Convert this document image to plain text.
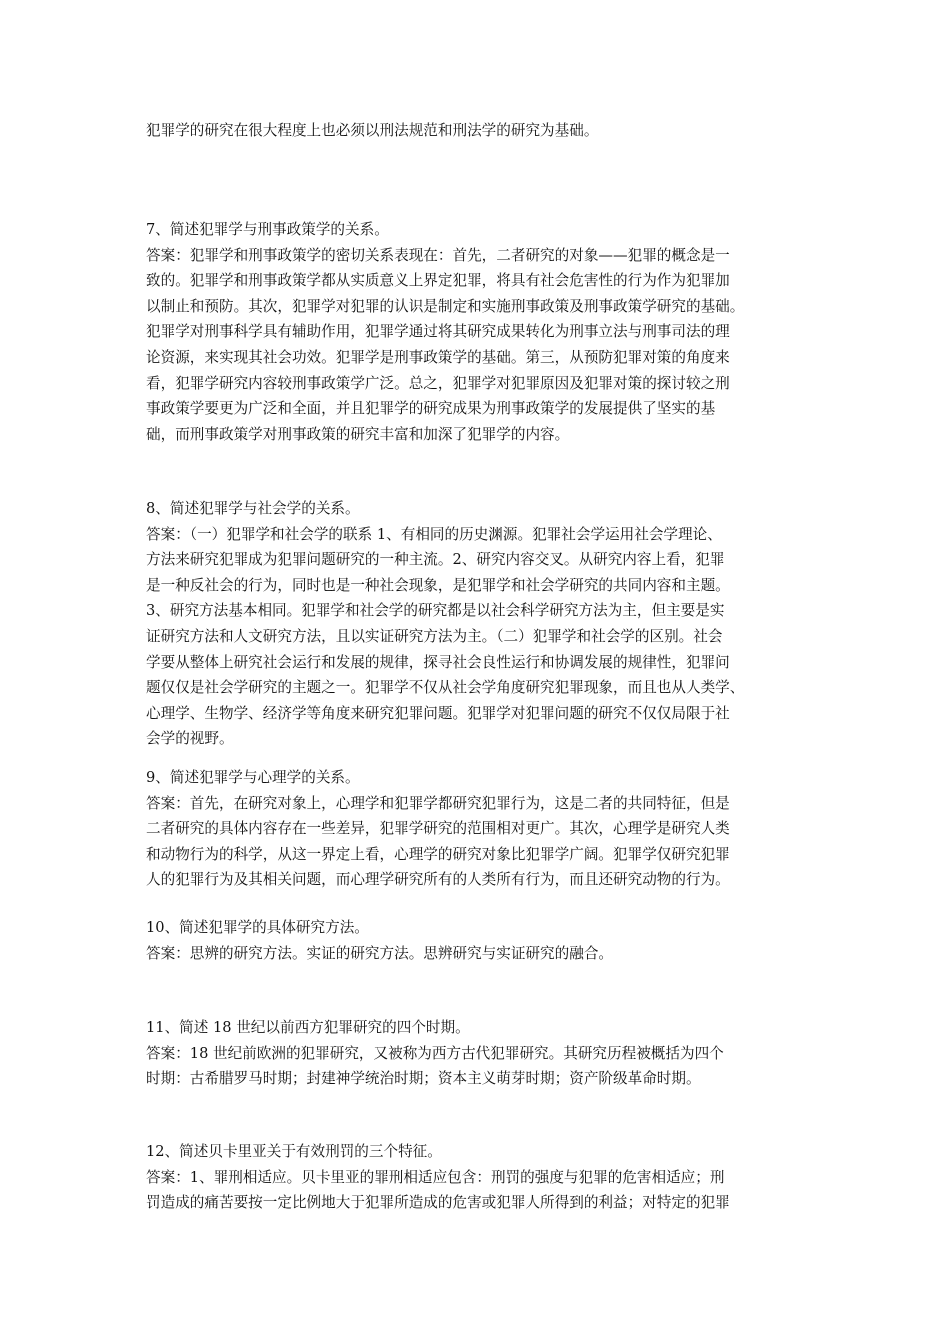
犯罪学的研究在很大程度上也必须以刑法规范和刑法学的研究为基础。
7、简述犯罪学与刑事政策学的关系。
答案：犯罪学和刑事政策学的密切关系表现在：首先，二者研究的对象——犯罪的概念是一
致的。犯罪学和刑事政策学都从实质意义上界定犯罪，将具有社会危害性的行为作为犯罪加
以制止和预防。其次，犯罪学对犯罪的认识是制定和实施刑事政策及刑事政策学研究的基础。
犯罪学对刑事科学具有辅助作用，犯罪学通过将其研究成果转化为刑事立法与刑事司法的理
论资源，来实现其社会功效。犯罪学是刑事政策学的基础。第三，从预防犯罪对策的角度来
看，犯罪学研究内容较刑事政策学广泛。总之，犯罪学对犯罪原因及犯罪对策的探讨较之刑
事政策学要更为广泛和全面，并且犯罪学的研究成果为刑事政策学的发展提供了坚实的基
础，而刑事政策学对刑事政策的研究丰富和加深了犯罪学的内容。
8、简述犯罪学与社会学的关系。
答案：（一）犯罪学和社会学的联系 1、有相同的历史渊源。犯罪社会学运用社会学理论、
方法来研究犯罪成为犯罪问题研究的一种主流。2、研究内容交叉。从研究内容上看，犯罪
是一种反社会的行为，同时也是一种社会现象，是犯罪学和社会学研究的共同内容和主题。
3、研究方法基本相同。犯罪学和社会学的研究都是以社会科学研究方法为主，但主要是实
证研究方法和人文研究方法，且以实证研究方法为主。（二）犯罪学和社会学的区别。社会
学要从整体上研究社会运行和发展的规律，探寻社会良性运行和协调发展的规律性，犯罪问
题仅仅是社会学研究的主题之一。犯罪学不仅从社会学角度研究犯罪现象，而且也从人类学、
心理学、生物学、经济学等角度来研究犯罪问题。犯罪学对犯罪问题的研究不仅仅局限于社
会学的视野。
9、简述犯罪学与心理学的关系。
答案：首先，在研究对象上，心理学和犯罪学都研究犯罪行为，这是二者的共同特征，但是
二者研究的具体内容存在一些差异，犯罪学研究的范围相对更广。其次，心理学是研究人类
和动物行为的科学，从这一界定上看，心理学的研究对象比犯罪学广阔。犯罪学仅研究犯罪
人的犯罪行为及其相关问题，而心理学研究所有的人类所有行为，而且还研究动物的行为。
10、简述犯罪学的具体研究方法。
答案：思辨的研究方法。实证的研究方法。思辨研究与实证研究的融合。
11、简述 18 世纪以前西方犯罪研究的四个时期。
答案：18 世纪前欧洲的犯罪研究，又被称为西方古代犯罪研究。其研究历程被概括为四个
时期：古希腊罗马时期；封建神学统治时期；资本主义萌芽时期；资产阶级革命时期。
12、简述贝卡里亚关于有效刑罚的三个特征。
答案：1、罪刑相适应。贝卡里亚的罪刑相适应包含：刑罚的强度与犯罪的危害相适应；刑
罚造成的痛苦要按一定比例地大于犯罪所造成的危害或犯罪人所得到的利益；对特定的犯罪
